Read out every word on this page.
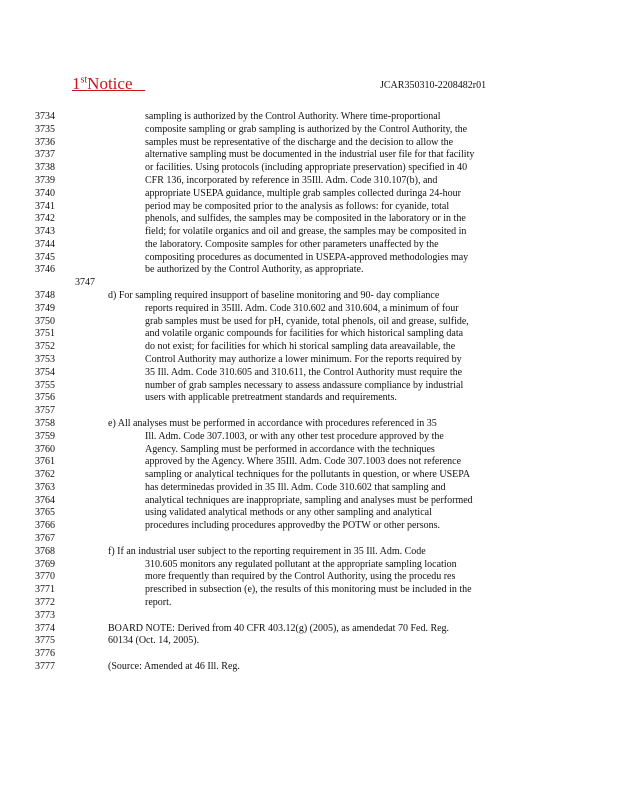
1stNotice	JCAR350310-2208482r01
3734	sampling is authorized by the Control Authority. Where time-proportional
3735	composite sampling or grab sampling is authorized by the Control Authority, the
3736	samples must be representative of the discharge and the decision to allow the
3737	alternative sampling must be documented in the industrial user file for that facility
3738	or facilities. Using protocols (including appropriate preservation) specified in 40
3739	CFR 136, incorporated by reference in 35Ill. Adm. Code 310.107(b), and
3740	appropriate USEPA guidance, multiple grab samples collected duringa 24-hour
3741	period may be composited prior to the analysis as follows: for cyanide, total
3742	phenols, and sulfides, the samples may be composited in the laboratory or in the
3743	field; for volatile organics and oil and grease, the samples may be composited in
3744	the laboratory. Composite samples for other parameters unaffected by the
3745	compositing procedures as documented in USEPA-approved methodologies may
3746	be authorized by the Control Authority, as appropriate.
3747
3748	d) For sampling required insupport of baseline monitoring and 90- day compliance
3749	reports required in 35Ill. Adm. Code 310.602 and 310.604, a minimum of four
3750	grab samples must be used for pH, cyanide, total phenols, oil and grease, sulfide,
3751	and volatile organic compounds for facilities for which historical sampling data
3752	do not exist; for facilities for which hi storical sampling data areavailable, the
3753	Control Authority may authorize a lower minimum. For the reports required by
3754	35 Ill. Adm. Code 310.605 and 310.611, the Control Authority must require the
3755	number of grab samples necessary to assess andassure compliance by industrial
3756	users with applicable pretreatment standards and requirements.
3757
3758	e) All analyses must be performed in accordance with procedures referenced in 35
3759	Ill. Adm. Code 307.1003, or with any other test procedure approved by the
3760	Agency. Sampling must be performed in accordance with the techniques
3761	approved by the Agency. Where 35Ill. Adm. Code 307.1003 does not reference
3762	sampling or analytical techniques for the pollutants in question, or where USEPA
3763	has determinedas provided in 35 Ill. Adm. Code 310.602 that sampling and
3764	analytical techniques are inappropriate, sampling and analyses must be performed
3765	using validated analytical methods or any other sampling and analytical
3766	procedures including procedures approvedby the POTW or other persons.
3767
3768	f) If an industrial user subject to the reporting requirement in 35 Ill. Adm. Code
3769	310.605 monitors any regulated pollutant at the appropriate sampling location
3770	more frequently than required by the Control Authority, using the procedu res
3771	prescribed in subsection (e), the results of this monitoring must be included in the
3772	report.
3773
3774	BOARD NOTE: Derived from 40 CFR 403.12(g) (2005), as amendedat 70 Fed. Reg.
3775	60134 (Oct. 14, 2005).
3776
3777	(Source: Amended at 46 Ill. Reg.
